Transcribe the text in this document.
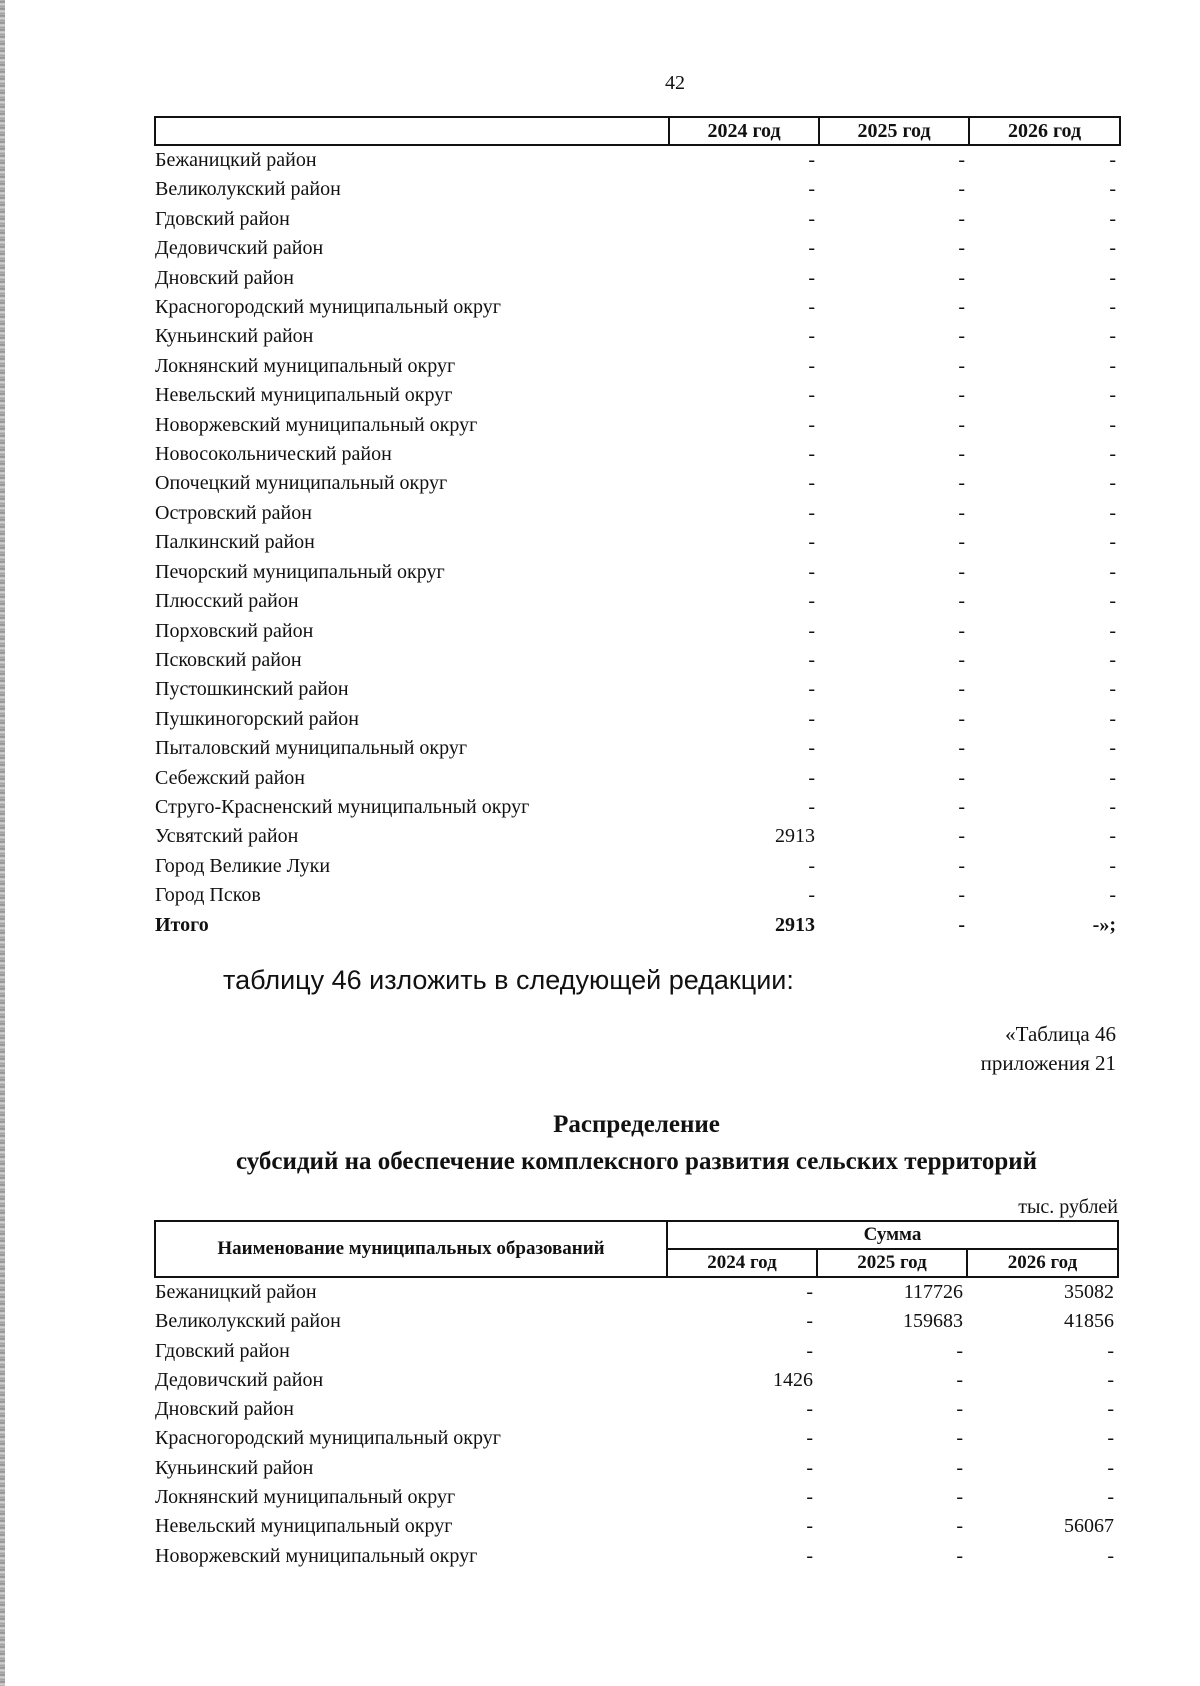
42
	2024 год	2025 год	2026 год
Бежаницкий район	-	-	-
Великолукский район	-	-	-
Гдовский район	-	-	-
Дедовичский район	-	-	-
Дновский район	-	-	-
Красногородский муниципальный округ	-	-	-
Куньинский район	-	-	-
Локнянский муниципальный округ	-	-	-
Невельский муниципальный округ	-	-	-
Новоржевский муниципальный округ	-	-	-
Новосокольнический район	-	-	-
Опочецкий муниципальный округ	-	-	-
Островский район	-	-	-
Палкинский район	-	-	-
Печорский муниципальный округ	-	-	-
Плюсский район	-	-	-
Порховский район	-	-	-
Псковский район	-	-	-
Пустошкинский район	-	-	-
Пушкиногорский район	-	-	-
Пыталовский муниципальный округ	-	-	-
Себежский район	-	-	-
Струго-Красненский муниципальный округ	-	-	-
Усвятский район	2913	-	-
Город Великие Луки	-	-	-
Город Псков	-	-	-
Итого	2913	-	-»;
таблицу 46 изложить в следующей редакции:
«Таблица 46
приложения 21
Распределение
субсидий на обеспечение комплексного развития сельских территорий
тыс. рублей
Наименование муниципальных образований	Сумма		
	2024 год	2025 год	2026 год
Бежаницкий район	-	117726	35082
Великолукский район	-	159683	41856
Гдовский район	-	-	-
Дедовичский район	1426	-	-
Дновский район	-	-	-
Красногородский муниципальный округ	-	-	-
Куньинский район	-	-	-
Локнянский муниципальный округ	-	-	-
Невельский муниципальный округ	-	-	56067
Новоржевский муниципальный округ	-	-	-
